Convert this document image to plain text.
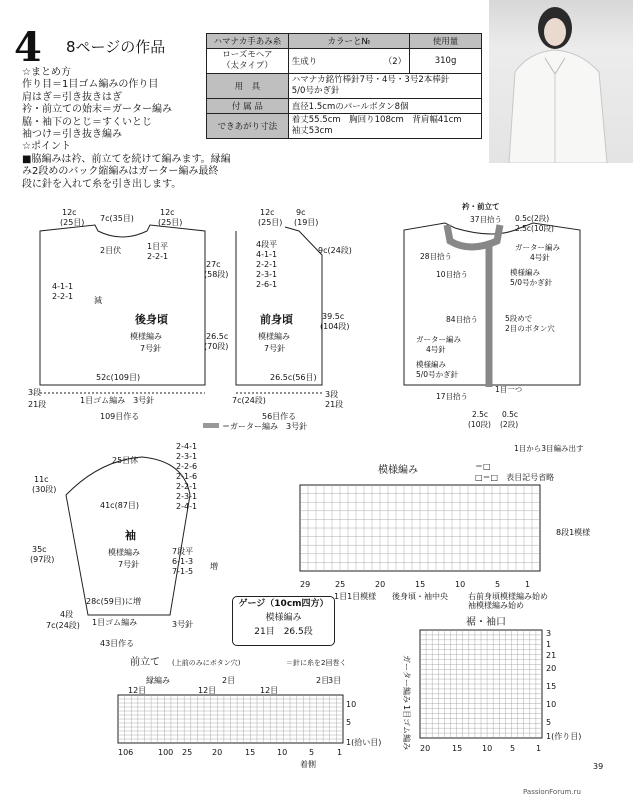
4 8ページの作品
☆まとめ方
作り目＝1目ゴム編みの作り目
肩はぎ＝引き抜きはぎ
衿・前立ての始末＝ガーター編み
脇・袖下のとじ＝すくいとじ
袖つけ＝引き抜き編み
☆ポイント
■脇編みは衿、前立てを続けて編みます。縁編
み2段めのバック縮編みはガーター編み最終
段に針を入れて糸を引き出します。
ハマナカ手あみ糸	カラーと№	使用量
ローズモヘア
（太タイプ）	生成り （2）	310g
用　具	ハマナカ銘竹棒針7号・4号・3号2本棒針
5/0号かぎ針	
付 属 品	直径1.5cmのパールボタン8個	
できあがり寸法	着丈55.5cm　胸回り108cm　背肩幅41cm
袖丈53cm	
12c
(25目) 7c(35目)
12c
(25目)
2目伏	1目平
2-2-1
4-1-1
2-2-1	減
後身頃
模様編み
7号針
52c(109目)
1目ゴム編み　3号針
109目作る
3段
21段
12c
(25目)
9c
(19目)
27c
(58段)
26.5c
(70段)
4段平
4-1-1
2-2-1
2-3-1
2-6-1
前身頃
模様編み
7号針
26.5c(56目)
7c(24段)
56目作る
3段
21段
9c(24段)
39.5c
(104段)
＝ガーター編み　3号針
衿・前立て
37目拾う 0.5c(2段)
2.5c(10段)
28目拾う
ガーター編み
4号針
10目拾う	模様編み
5/0号かぎ針
84目拾う	5段めで
2目のボタン穴
ガーター編み
4号針
模様編み
5/0号かぎ針
17目拾う
1目一つ
2.5c 0.5c
(10段) (2段)
1目から3目編み出す
25目休
41c(87目)
11c
(30段)
35c
(97段)
袖
模様編み
7号針
28c(59目)に増
1目ゴム編み	3号針
43目作る
4段
7c(24段)
7段平
6-1-3
7-1-5
増
2-4-1
2-3-1
2-2-6
2-1-6
2-2-1
2-3-1
2-4-1
模様編み	＝□
□＝□　表目記号省略
29	25	20	15	10	5	1
1目1目模様 後身頃・袖中央	右前身頃模様編み始め
袖模様編み始め
8段1模様
裾・袖口
ガーター編み
1目ゴム編み 20	15 10 5	1
3
1
21
20
15
10
5
1(作り目)
前立て (上前のみにボタン穴)	＝針に糸を2回巻く
縁編み	2目
12目	12目	12目
2目
3目
106	100 25 20	15	10	5	1
1(拾い目)
5
10
着側
ゲージ（10cm四方）
模様編み
21目　26.5段
39
PassionForum.ru
